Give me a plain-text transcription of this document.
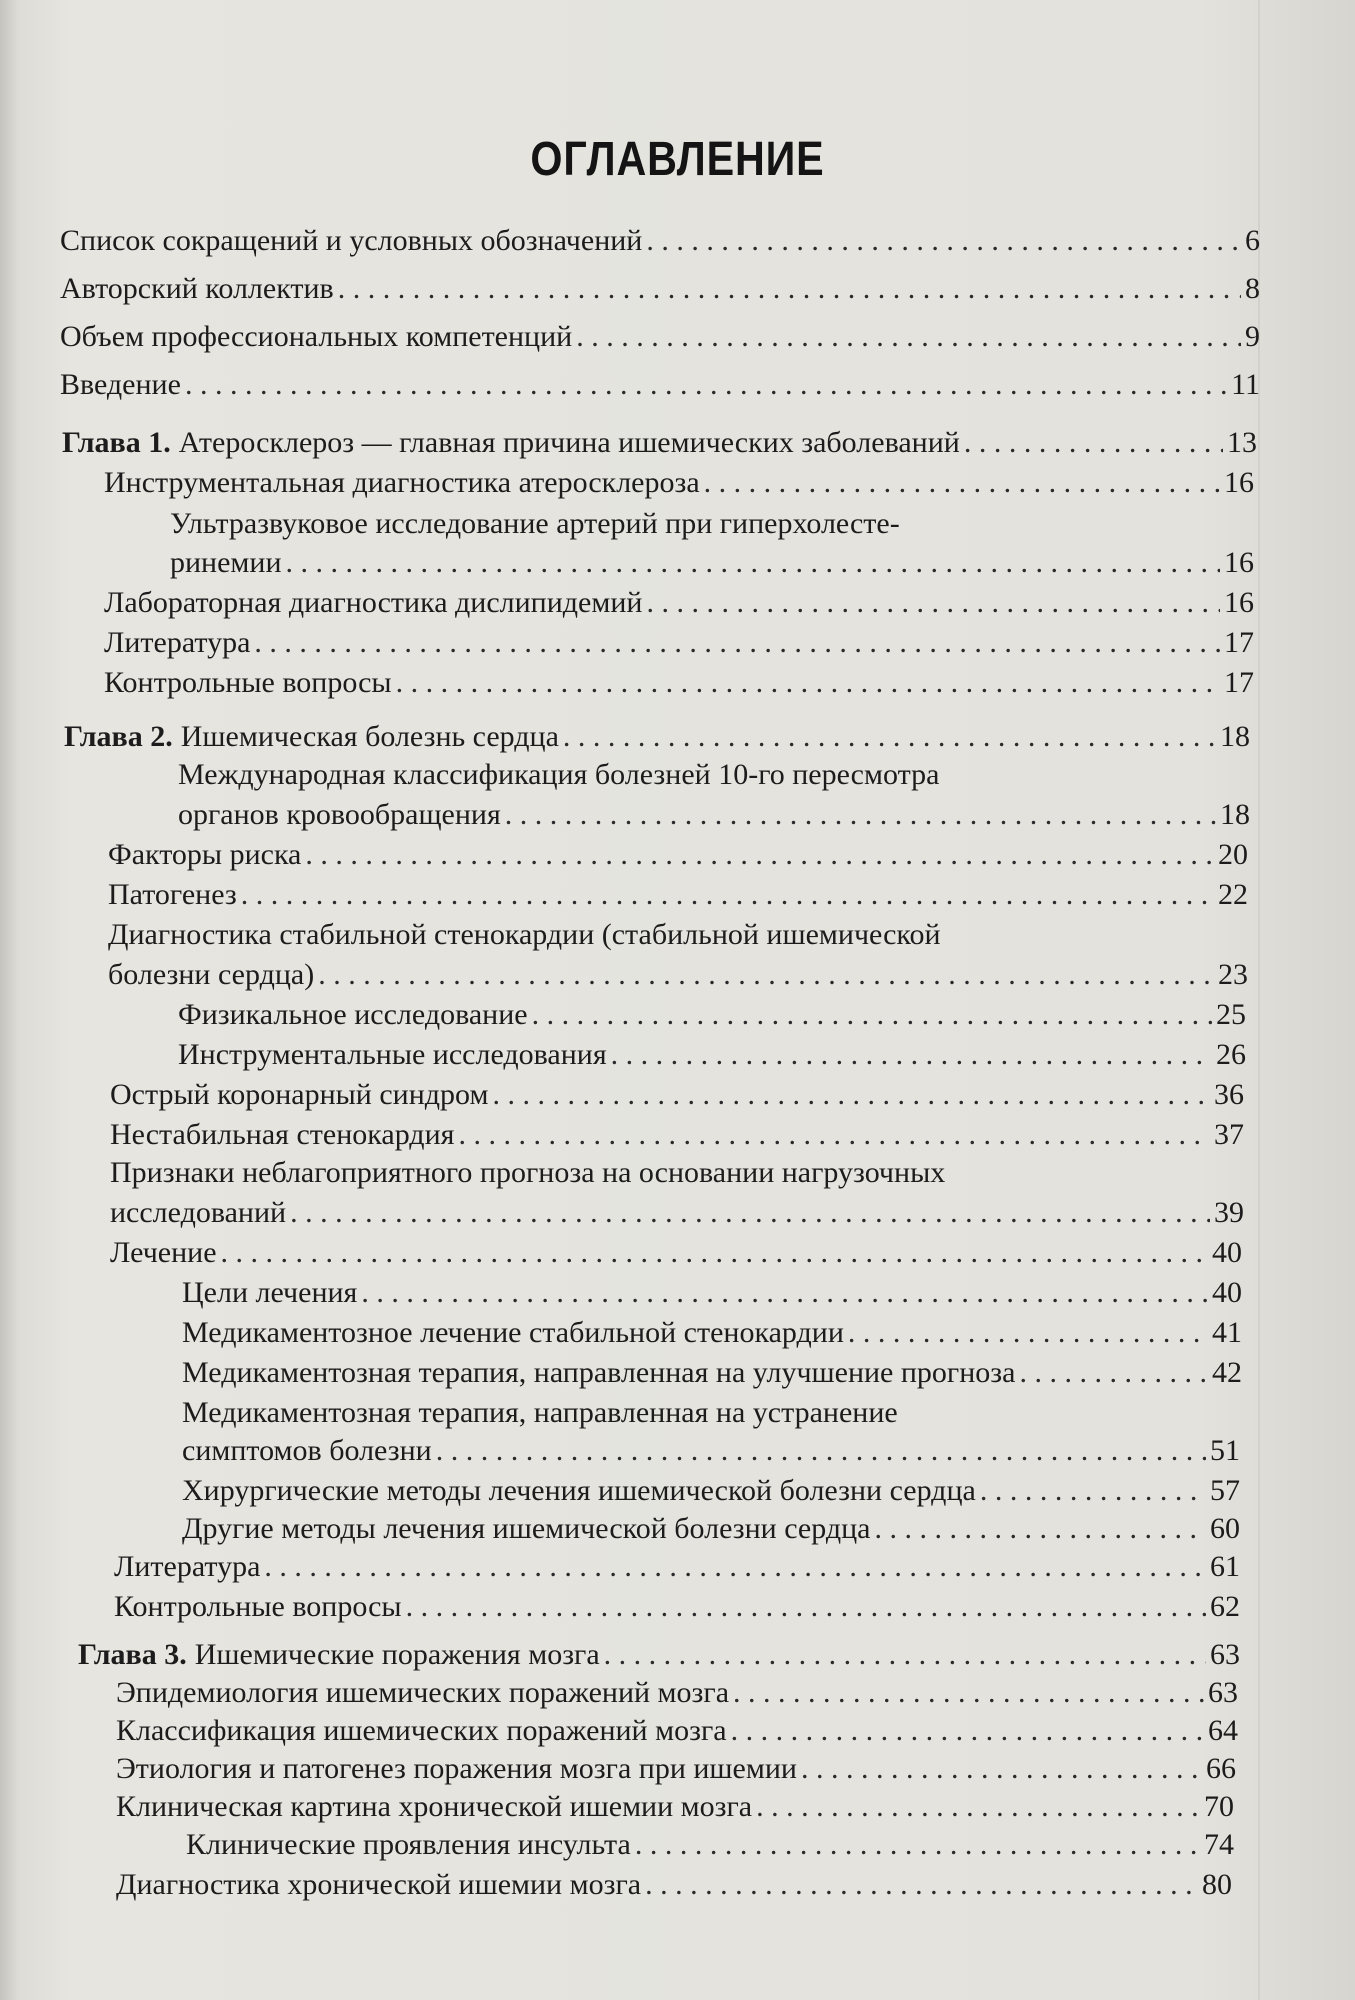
ОГЛАВЛЕНИЕ
Список сокращений и условных обозначений . . .	6
Авторский коллектив . . .	8
Объем профессиональных компетенций . . .	9
Введение . . .	11
Глава 1. Атеросклероз — главная причина ишемических заболеваний . . .	13
Инструментальная диагностика атеросклероза . . .	16
Ультразвуковое исследование артерий при гиперхолесте-
ринемии . . .	16
Лабораторная диагностика дислипидемий . . .	16
Литература . . .	17
Контрольные вопросы . . .	17
Глава 2. Ишемическая болезнь сердца . . .	18
Международная классификация болезней 10-го пересмотра
органов кровообращения . . .	18
Факторы риска . . .	20
Патогенез . . .	22
Диагностика стабильной стенокардии (стабильной ишемической
болезни сердца) . . .	23
Физикальное исследование . . .	25
Инструментальные исследования . . .	26
Острый коронарный синдром . . .	36
Нестабильная стенокардия . . .	37
Признаки неблагоприятного прогноза на основании нагрузочных
исследований . . .	39
Лечение . . .	40
Цели лечения . . .	40
Медикаментозное лечение стабильной стенокардии . . .	41
Медикаментозная терапия, направленная на улучшение прогноза . . .	42
Медикаментозная терапия, направленная на устранение
симптомов болезни . . .	51
Хирургические методы лечения ишемической болезни сердца . . .	57
Другие методы лечения ишемической болезни сердца . . .	60
Литература . . .	61
Контрольные вопросы . . .	62
Глава 3. Ишемические поражения мозга . . .	63
Эпидемиология ишемических поражений мозга . . .	63
Классификация ишемических поражений мозга . . .	64
Этиология и патогенез поражения мозга при ишемии . . .	66
Клиническая картина хронической ишемии мозга . . .	70
Клинические проявления инсульта . . .	74
Диагностика хронической ишемии мозга . . .	80
